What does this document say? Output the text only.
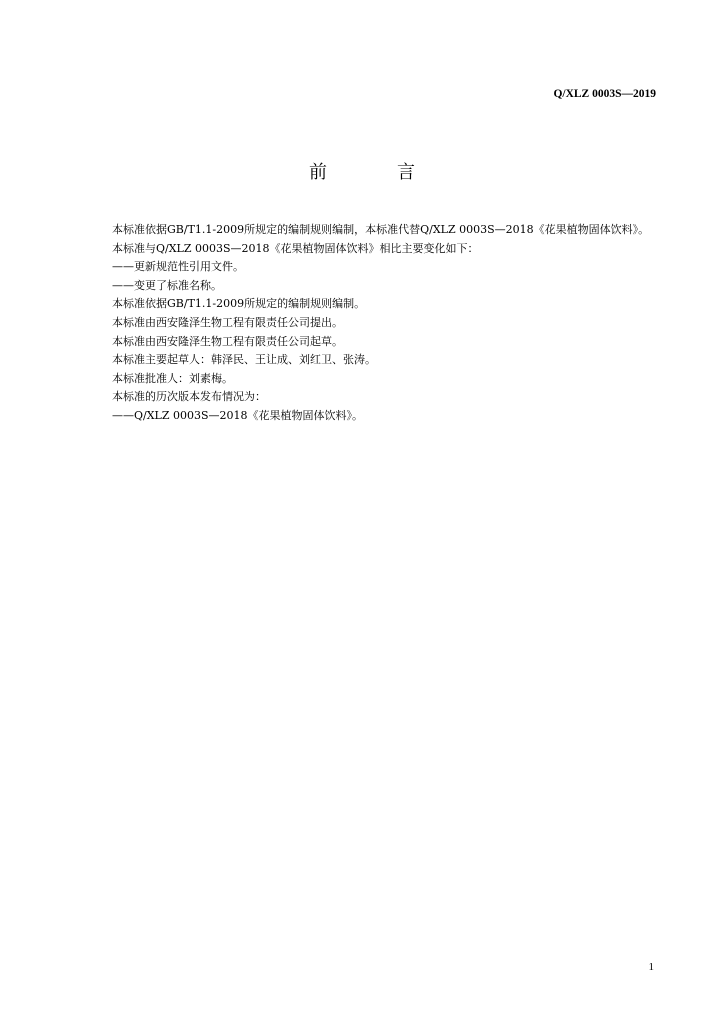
Q/XLZ 0003S—2019
前　言

本标准依据GB/T1.1-2009所规定的编制规则编制，本标准代替Q/XLZ 0003S—2018《花果植物固体饮料》。

本标准与Q/XLZ 0003S—2018《花果植物固体饮料》相比主要变化如下：

——更新规范性引用文件。

——变更了标准名称。

本标准依据GB/T1.1-2009所规定的编制规则编制。

本标准由西安隆泽生物工程有限责任公司提出。

本标准由西安隆泽生物工程有限责任公司起草。

本标准主要起草人：韩泽民、王让成、刘红卫、张涛。

本标准批准人：刘素梅。

本标准的历次版本发布情况为：

——Q/XLZ 0003S—2018《花果植物固体饮料》。

1
